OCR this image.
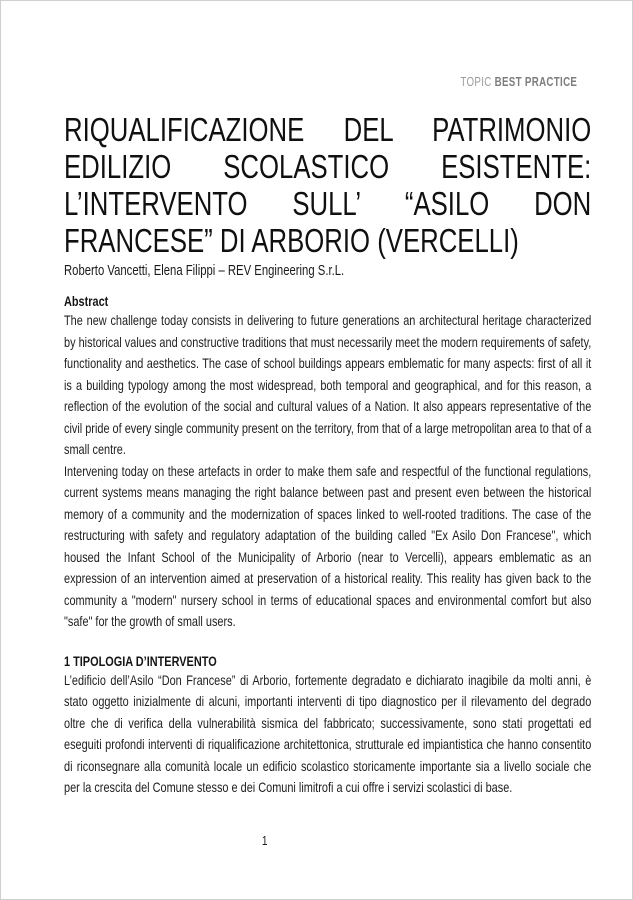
TOPIC BEST PRACTICE
RIQUALIFICAZIONE DEL PATRIMONIO
EDILIZIO SCOLASTICO ESISTENTE:
L’INTERVENTO SULL’ “ASILO DON
FRANCESE” DI ARBORIO (VERCELLI)
Roberto Vancetti, Elena Filippi – REV Engineering S.r.L.
Abstract

The new challenge today consists in delivering to future generations an architectural heritage characterized by historical values and constructive traditions that must necessarily meet the modern requirements of safety, functionality and aesthetics. The case of school buildings appears emblematic for many aspects: first of all it is a building typology among the most widespread, both temporal and geographical, and for this reason, a reflection of the evolution of the social and cultural values of a Nation. It also appears representative of the civil pride of every single community present on the territory, from that of a large metropolitan area to that of a small centre.

Intervening today on these artefacts in order to make them safe and respectful of the functional regulations, current systems means managing the right balance between past and present even between the historical memory of a community and the modernization of spaces linked to well-rooted traditions. The case of the restructuring with safety and regulatory adaptation of the building called "Ex Asilo Don Francese", which housed the Infant School of the Municipality of Arborio (near to Vercelli), appears emblematic as an expression of an intervention aimed at preservation of a historical reality. This reality has given back to the community a "modern" nursery school in terms of educational spaces and environmental comfort but also "safe" for the growth of small users.

1 TIPOLOGIA D’INTERVENTO

L’edificio dell’Asilo “Don Francese” di Arborio, fortemente degradato e dichiarato inagibile da molti anni, è stato oggetto inizialmente di alcuni, importanti interventi di tipo diagnostico per il rilevamento del degrado oltre che di verifica della vulnerabilità sismica del fabbricato; successivamente, sono stati progettati ed eseguiti profondi interventi di riqualificazione architettonica, strutturale ed impiantistica che hanno consentito di riconsegnare alla comunità locale un edificio scolastico storicamente importante sia a livello sociale che per la crescita del Comune stesso e dei Comuni limitrofi a cui offre i servizi scolastici di base.

1
